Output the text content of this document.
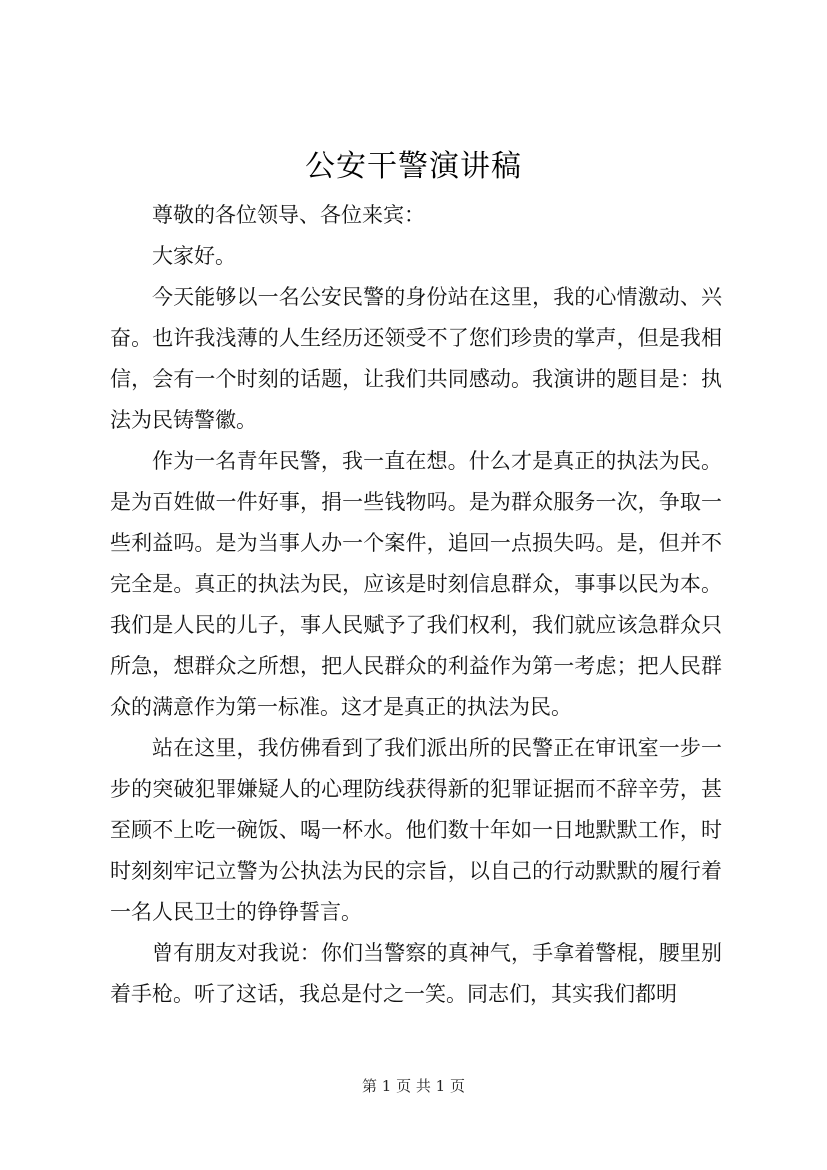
公安干警演讲稿

尊敬的各位领导、各位来宾：

大家好。

今天能够以一名公安民警的身份站在这里，我的心情激动、兴奋。也许我浅薄的人生经历还领受不了您们珍贵的掌声，但是我相信，会有一个时刻的话题，让我们共同感动。我演讲的题目是：执法为民铸警徽。

作为一名青年民警，我一直在想。什么才是真正的执法为民。是为百姓做一件好事，捐一些钱物吗。是为群众服务一次，争取一些利益吗。是为当事人办一个案件，追回一点损失吗。是，但并不完全是。真正的执法为民，应该是时刻信息群众，事事以民为本。我们是人民的儿子，事人民赋予了我们权利，我们就应该急群众只所急，想群众之所想，把人民群众的利益作为第一考虑；把人民群众的满意作为第一标准。这才是真正的执法为民。

站在这里，我仿佛看到了我们派出所的民警正在审讯室一步一步的突破犯罪嫌疑人的心理防线获得新的犯罪证据而不辞辛劳，甚至顾不上吃一碗饭、喝一杯水。他们数十年如一日地默默工作，时时刻刻牢记立警为公执法为民的宗旨，以自己的行动默默的履行着一名人民卫士的铮铮誓言。

曾有朋友对我说：你们当警察的真神气，手拿着警棍，腰里别着手枪。听了这话，我总是付之一笑。同志们，其实我们都明

第 1 页 共 1 页
